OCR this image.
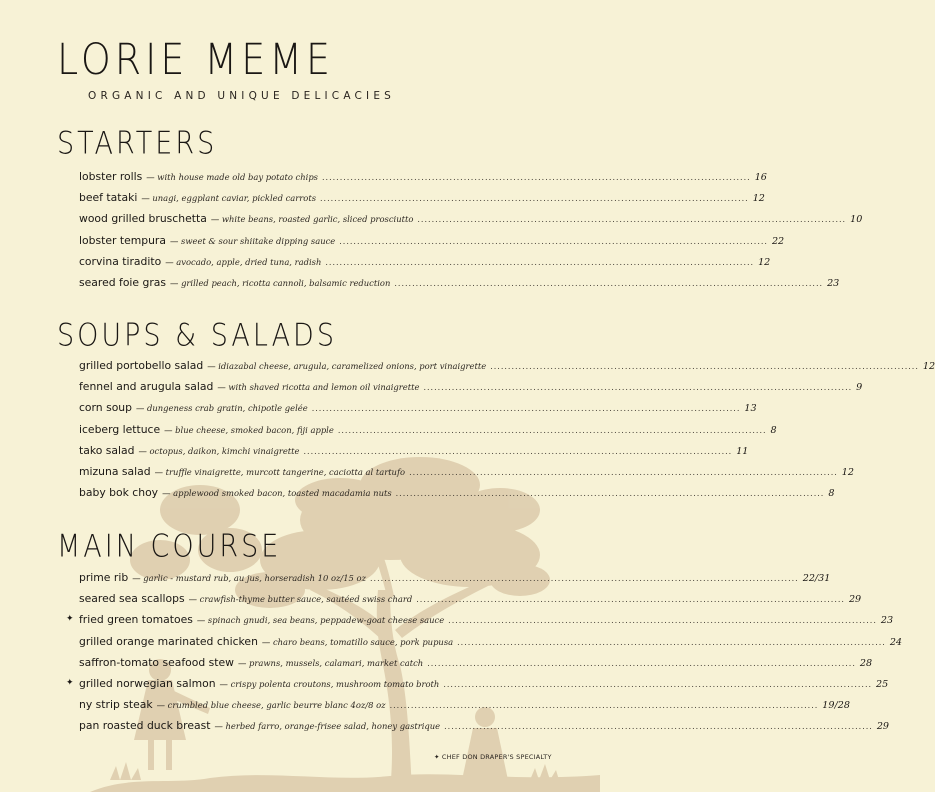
LORIE MEME
ORGANIC AND UNIQUE DELICACIES
STARTERS
lobster rolls — with house made old bay potato chips ......................................................................................................................... 16
beef tataki — unagi, eggplant caviar, pickled carrots ......................................................................................................................... 12
wood grilled bruschetta — white beans, roasted garlic, sliced prosciutto ......................................................................................................................... 10
lobster tempura — sweet & sour shiitake dipping sauce ......................................................................................................................... 22
corvina tiradito — avocado, apple, dried tuna, radish ......................................................................................................................... 12
seared foie gras — grilled peach, ricotta cannoli, balsamic reduction ......................................................................................................................... 23
SOUPS & SALADS
grilled portobello salad — idiazabal cheese, arugula, caramelized onions, port vinaigrette ......................................................................................................................... 12
fennel and arugula salad — with shaved ricotta and lemon oil vinaigrette ......................................................................................................................... 9
corn soup — dungeness crab gratin, chipotle gelée ......................................................................................................................... 13
iceberg lettuce — blue cheese, smoked bacon, fiji apple ......................................................................................................................... 8
tako salad — octopus, daikon, kimchi vinaigrette ......................................................................................................................... 11
mizuna salad — truffle vinaigrette, murcott tangerine, caciotta al tartufo ......................................................................................................................... 12
baby bok choy — applewood smoked bacon, toasted macadamia nuts ......................................................................................................................... 8
MAIN COURSE
prime rib — garlic - mustard rub, au jus, horseradish 10 oz/15 oz ......................................................................................................................... 22/31
seared sea scallops — crawfish-thyme butter sauce, sautéed swiss chard ......................................................................................................................... 29
✦ fried green tomatoes — spinach gnudi, sea beans, peppadew-goat cheese sauce ......................................................................................................................... 23
grilled orange marinated chicken — charo beans, tomatillo sauce, pork pupusa ......................................................................................................................... 24
saffron-tomato seafood stew — prawns, mussels, calamari, market catch ......................................................................................................................... 28
✦ grilled norwegian salmon — crispy polenta croutons, mushroom tomato broth ......................................................................................................................... 25
ny strip steak — crumbled blue cheese, garlic beurre blanc 4oz/8 oz ......................................................................................................................... 19/28
pan roasted duck breast — herbed farro, orange-frisee salad, honey gastrique ......................................................................................................................... 29
✦ CHEF DON DRAPER'S SPECIALTY
